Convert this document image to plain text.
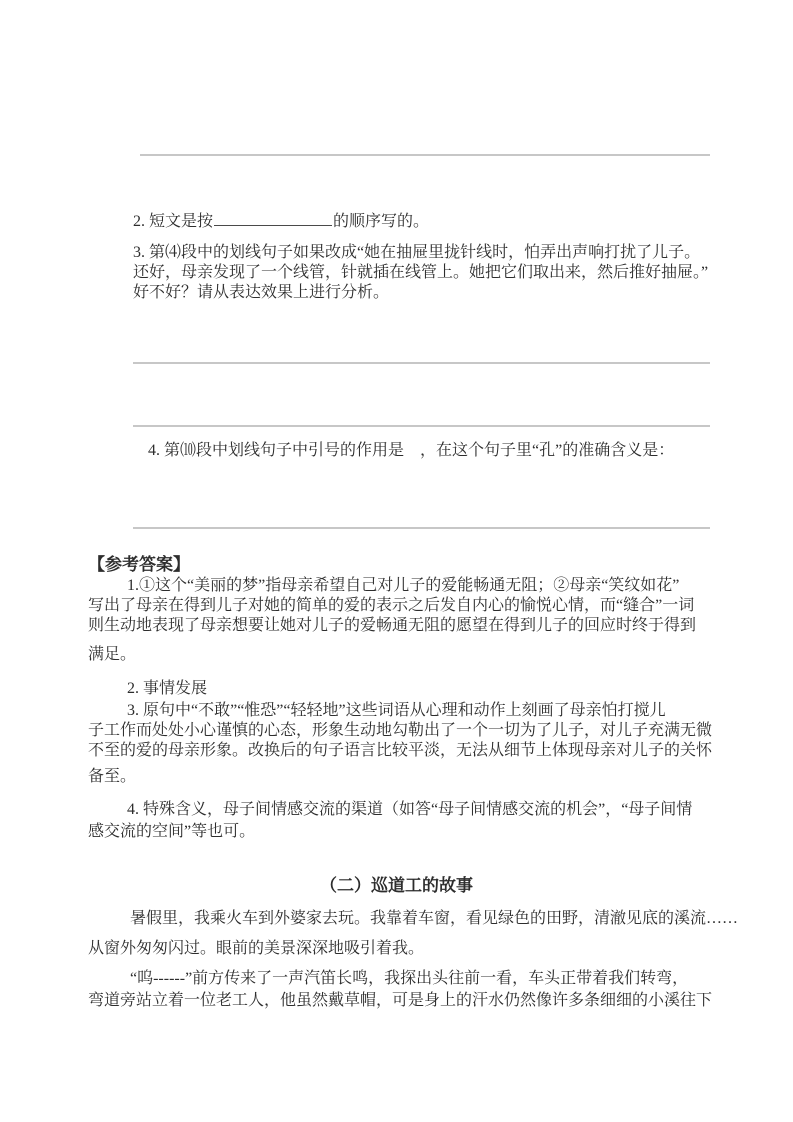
2. 短文是按	的顺序写的。
3. 第⑷段中的划线句子如果改成“她在抽屉里拢针线时，怕弄出声响打扰了儿子。
还好，母亲发现了一个线管，针就插在线管上。她把它们取出来，然后推好抽屉。”
好不好？请从表达效果上进行分析。
4. 第⑽段中划线句子中引号的作用是　，在这个句子里“孔”的准确含义是：
【参考答案】
1.①这个“美丽的梦”指母亲希望自己对儿子的爱能畅通无阻；②母亲“笑纹如花”
写出了母亲在得到儿子对她的简单的爱的表示之后发自内心的愉悦心情，而“缝合”一词
则生动地表现了母亲想要让她对儿子的爱畅通无阻的愿望在得到儿子的回应时终于得到
满足。
2. 事情发展
3. 原句中“不敢”“惟恐”“轻轻地”这些词语从心理和动作上刻画了母亲怕打搅儿
子工作而处处小心谨慎的心态，形象生动地勾勒出了一个一切为了儿子，对儿子充满无微
不至的爱的母亲形象。改换后的句子语言比较平淡，无法从细节上体现母亲对儿子的关怀
备至。
4. 特殊含义，母子间情感交流的渠道（如答“母子间情感交流的机会”，“母子间情
感交流的空间”等也可。
（二）巡道工的故事
暑假里，我乘火车到外婆家去玩。我靠着车窗，看见绿色的田野，清澈见底的溪流……
从窗外匆匆闪过。眼前的美景深深地吸引着我。
“呜------”前方传来了一声汽笛长鸣，我探出头往前一看，车头正带着我们转弯，
弯道旁站立着一位老工人，他虽然戴草帽，可是身上的汗水仍然像许多条细细的小溪往下
